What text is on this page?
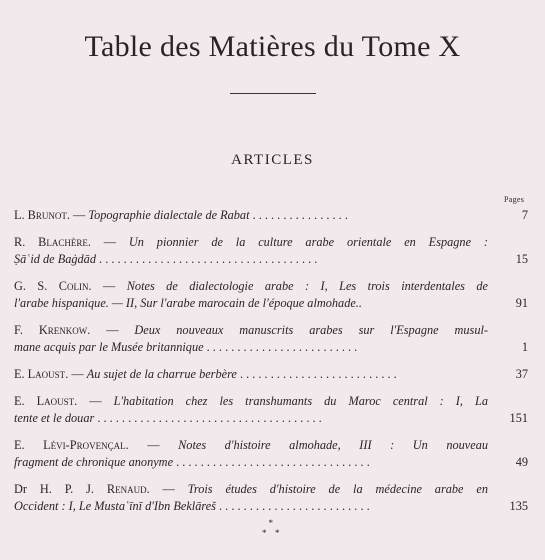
Table des Matières du Tome X
ARTICLES
Pages
L. Brunot. — Topographie dialectale de Rabat . . . . . . . . . . . . . . . .	7
R. Blachère. — Un pionnier de la culture arabe orientale en Espagne :
Ṣāʿid de Baġdād . . . . . . . . . . . . . . . . . . . . . . . . . . . . . . . . . . . .	15
G. S. Colin. — Notes de dialectologie arabe : I, Les trois interdentales de
l'arabe hispanique. — II, Sur l'arabe marocain de l'époque almohade..	91
F. Krenkow. — Deux nouveaux manuscrits arabes sur l'Espagne musul-
mane acquis par le Musée britannique . . . . . . . . . . . . . . . . . . . . . . . . .	1
E. Laoust. — Au sujet de la charrue berbère . . . . . . . . . . . . . . . . . . . . . . . . . .	37
E. Laoust. — L'habitation chez les transhumants du Maroc central : I, La
tente et le douar . . . . . . . . . . . . . . . . . . . . . . . . . . . . . . . . . . . . .	151
E. Lévi-Provençal. — Notes d'histoire almohade, III : Un nouveau
fragment de chronique anonyme . . . . . . . . . . . . . . . . . . . . . . . . . . . . . . . .	49
Dr H. P. J. Renaud. — Trois études d'histoire de la médecine arabe en
Occident : I, Le Mustaʿīnī d'Ibn Beklāreš . . . . . . . . . . . . . . . . . . . . . . . . .	135
*
* *
